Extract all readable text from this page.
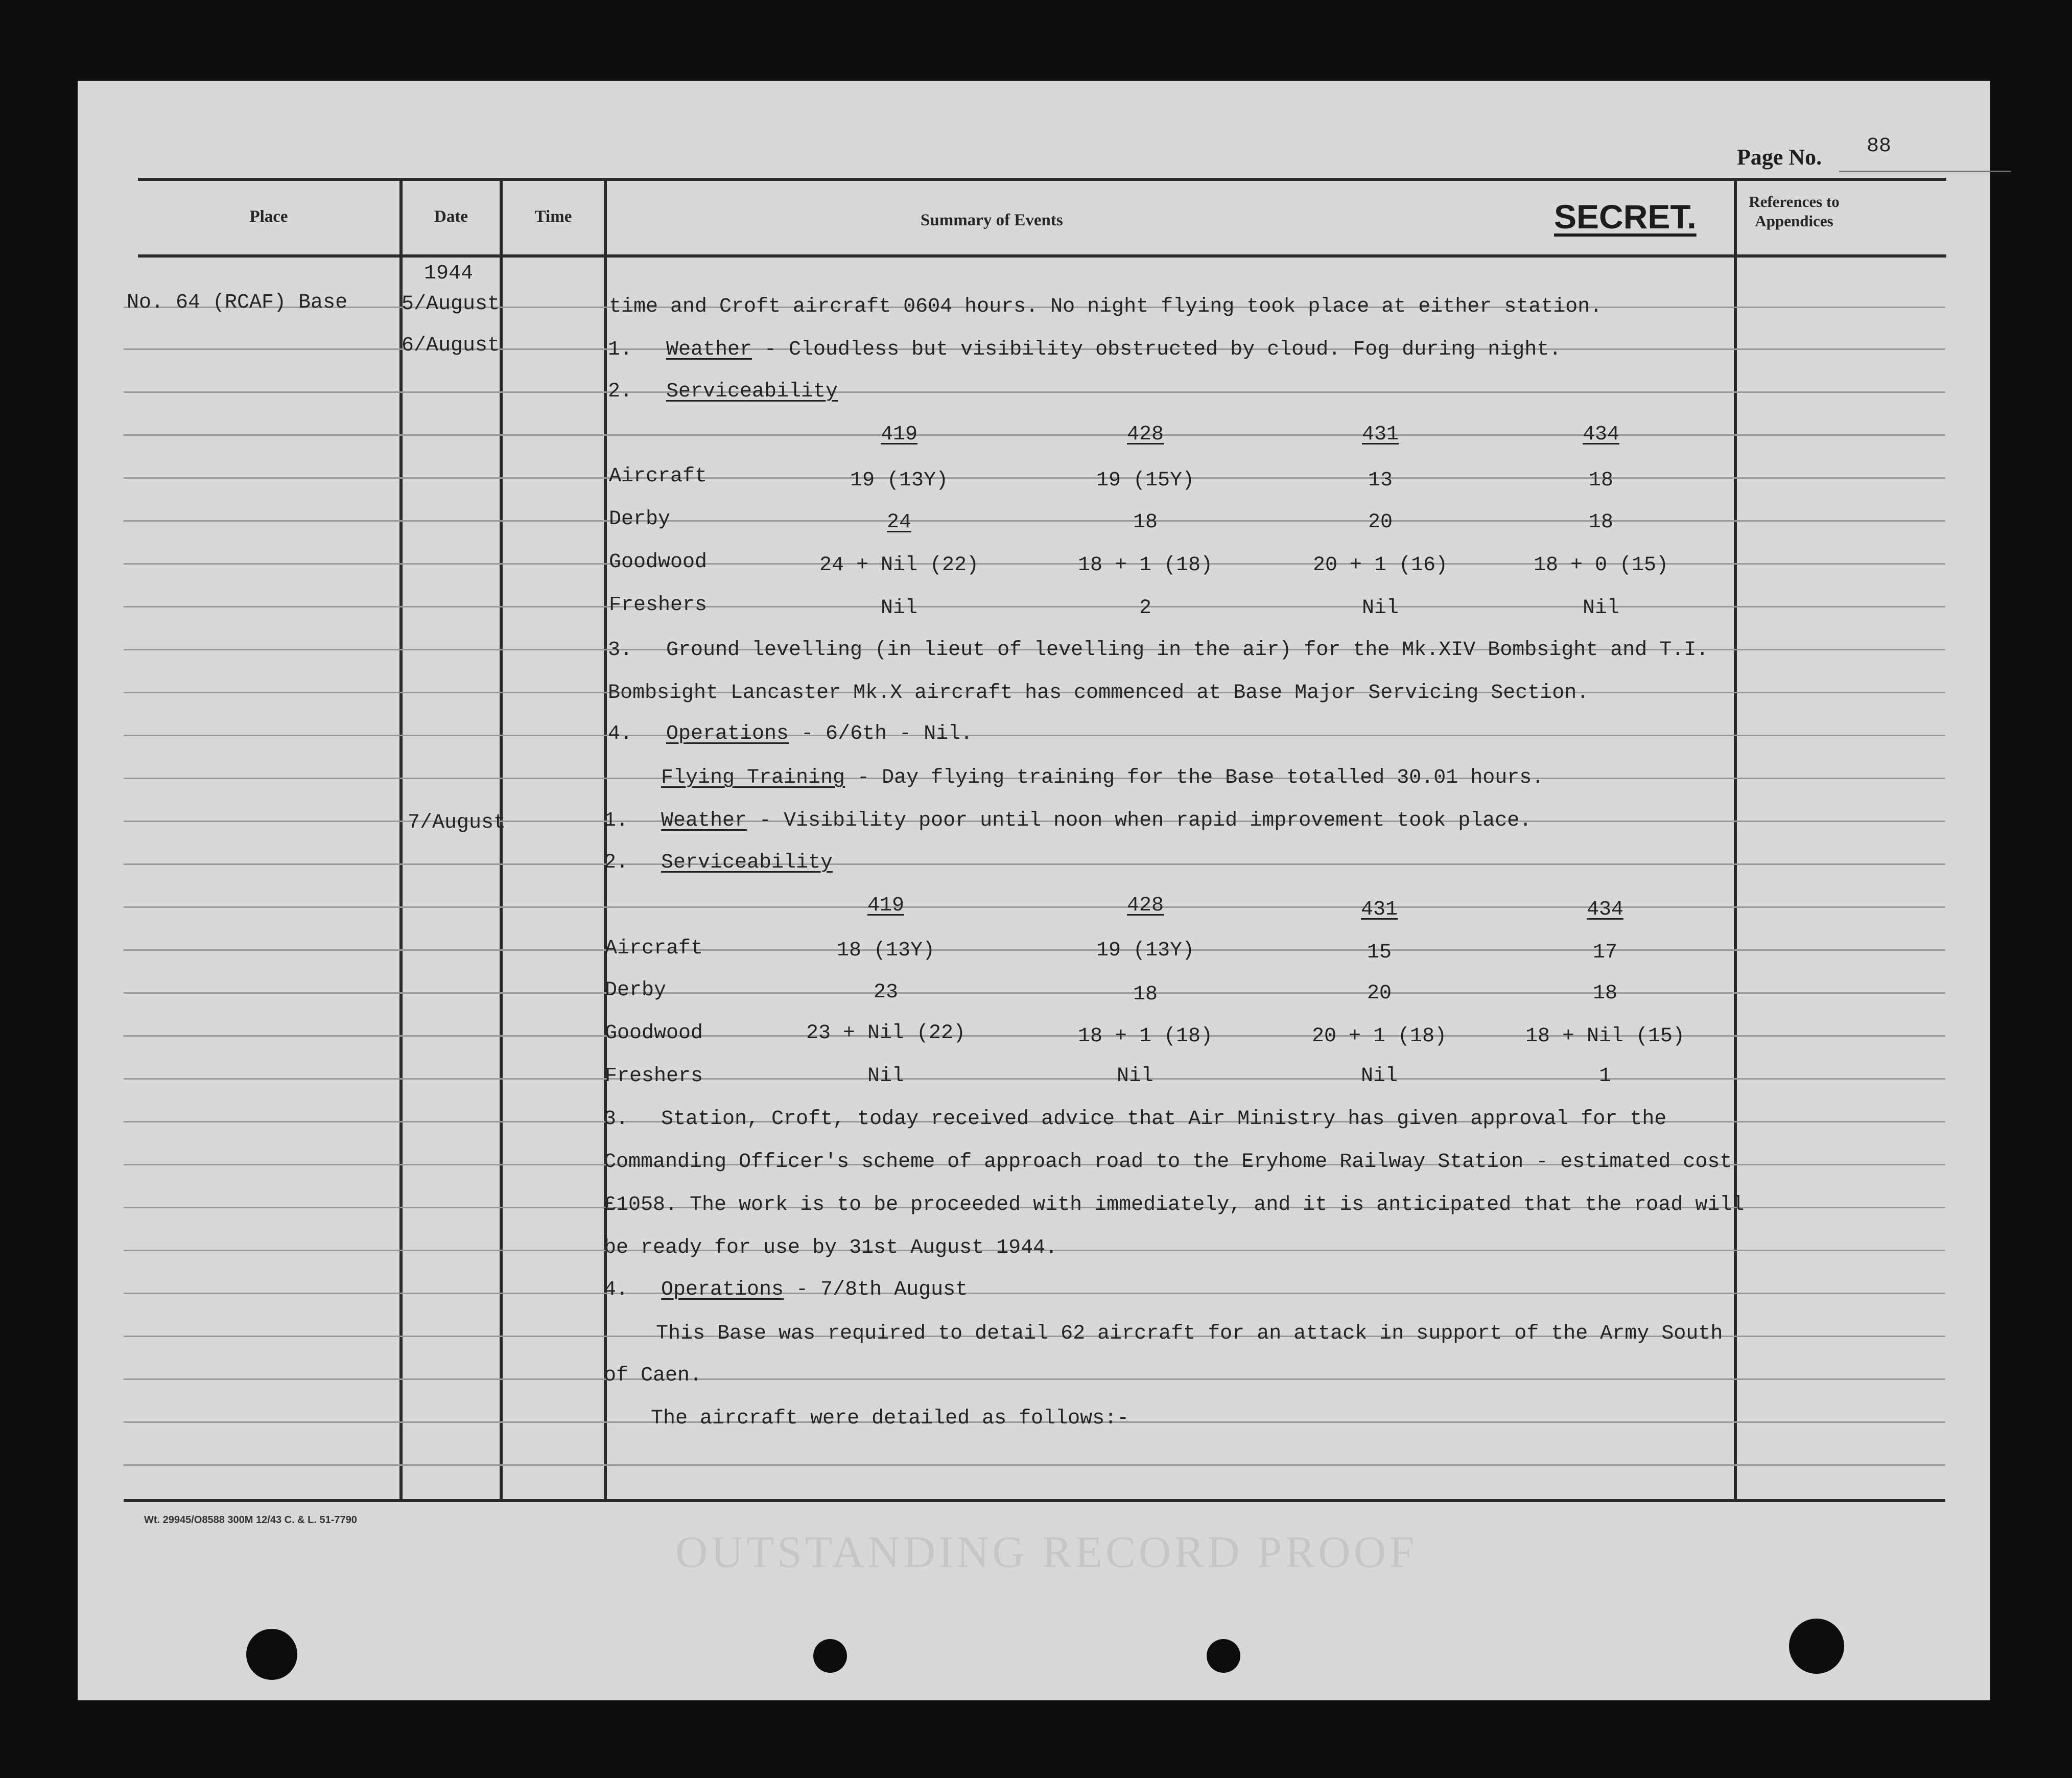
OUTSTANDING RECORD PROOF
Page No. 88
Place	Date	Time	Summary of Events	SECRET.	References to Appendices
1944
No. 64 (RCAF) Base	5/August
6/August
7/August
time and Croft aircraft 0604 hours. No night flying took place at either station.
1. Weather - Cloudless but visibility obstructed by cloud. Fog during night.
2. Serviceability
419	428	431	434
Aircraft	19 (13Y)	19 (15Y)	13	18
Derby	24	18	20	18
Goodwood	24 + Nil (22)	18 + 1 (18)	20 + 1 (16)	18 + 0 (15)
Freshers	Nil	2	Nil	Nil
3. Ground levelling (in lieut of levelling in the air) for the Mk.XIV Bombsight and T.I.
Bombsight Lancaster Mk.X aircraft has commenced at Base Major Servicing Section.
4. Operations - 6/6th - Nil.
Flying Training - Day flying training for the Base totalled 30.01 hours.
1. Weather - Visibility poor until noon when rapid improvement took place.
2. Serviceability
419	428	431	434
Aircraft	18 (13Y)	19 (13Y)	15	17
Derby	23	18	20	18
Goodwood	23 + Nil (22)	18 + 1 (18)	20 + 1 (18)	18 + Nil (15)
Freshers	Nil	Nil	Nil	1
3. Station, Croft, today received advice that Air Ministry has given approval for the
Commanding Officer's scheme of approach road to the Eryhome Railway Station - estimated cost
£1058. The work is to be proceeded with immediately, and it is anticipated that the road will
be ready for use by 31st August 1944.
4. Operations - 7/8th August
This Base was required to detail 62 aircraft for an attack in support of the Army South
of Caen.
The aircraft were detailed as follows:-
Wt. 29945/O8588 300M 12/43 C. & L. 51-7790
